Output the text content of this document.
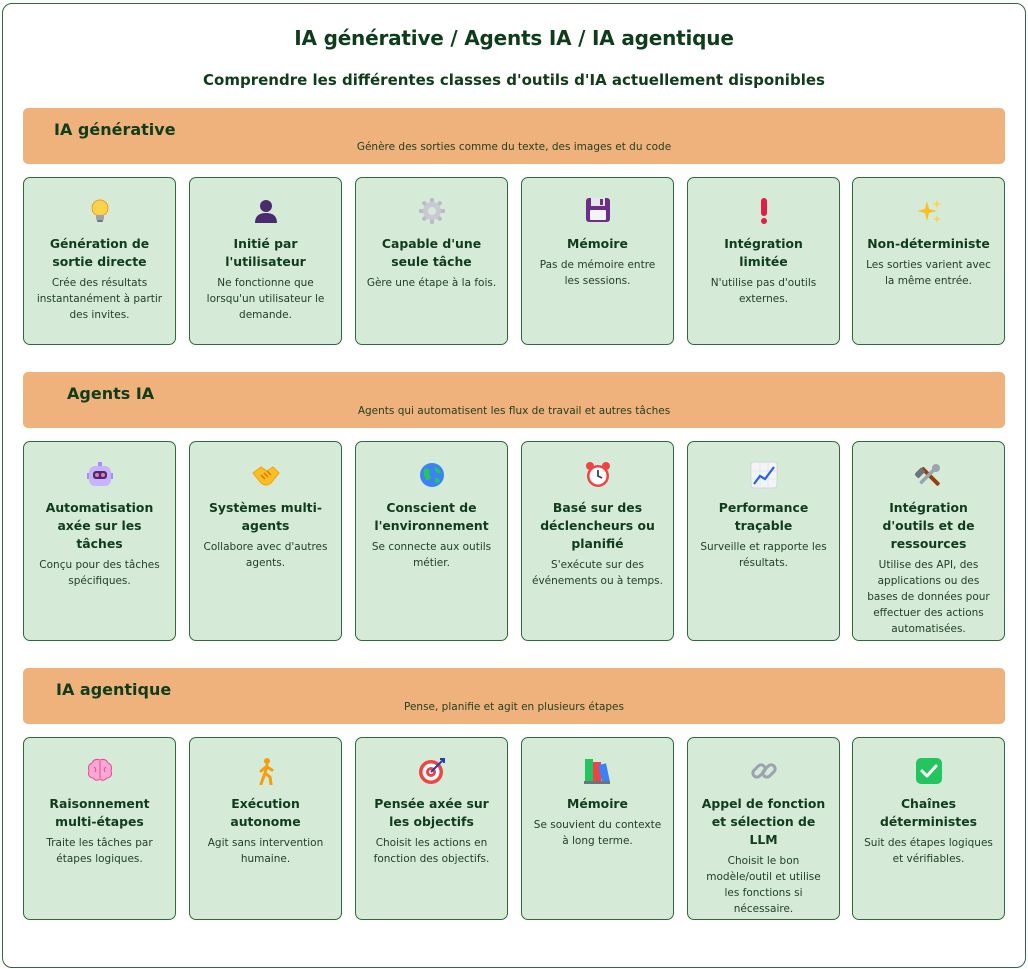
IA générative / Agents IA / IA agentique
Comprendre les différentes classes d'outils d'IA actuellement disponibles
IA générative
Génère des sorties comme du texte, des images et du code
Génération de sortie directe
Crée des résultats instantanément à partir des invites.
Initié par l'utilisateur
Ne fonctionne que lorsqu'un utilisateur le demande.
Capable d'une seule tâche
Gère une étape à la fois.
Mémoire
Pas de mémoire entre les sessions.
Intégration limitée
N'utilise pas d'outils externes.
Non-déterministe
Les sorties varient avec la même entrée.
Agents IA
Agents qui automatisent les flux de travail et autres tâches
Automatisation axée sur les tâches
Conçu pour des tâches spécifiques.
Systèmes multi-agents
Collabore avec d'autres agents.
Conscient de l'environnement
Se connecte aux outils métier.
Basé sur des déclencheurs ou planifié
S'exécute sur des événements ou à temps.
Performance traçable
Surveille et rapporte les résultats.
Intégration d'outils et de ressources
Utilise des API, des applications ou des bases de données pour effectuer des actions automatisées.
IA agentique
Pense, planifie et agit en plusieurs étapes
Raisonnement multi-étapes
Traite les tâches par étapes logiques.
Exécution autonome
Agit sans intervention humaine.
Pensée axée sur les objectifs
Choisit les actions en fonction des objectifs.
Mémoire
Se souvient du contexte à long terme.
Appel de fonction et sélection de LLM
Choisit le bon modèle/outil et utilise les fonctions si nécessaire.
Chaînes déterministes
Suit des étapes logiques et vérifiables.
